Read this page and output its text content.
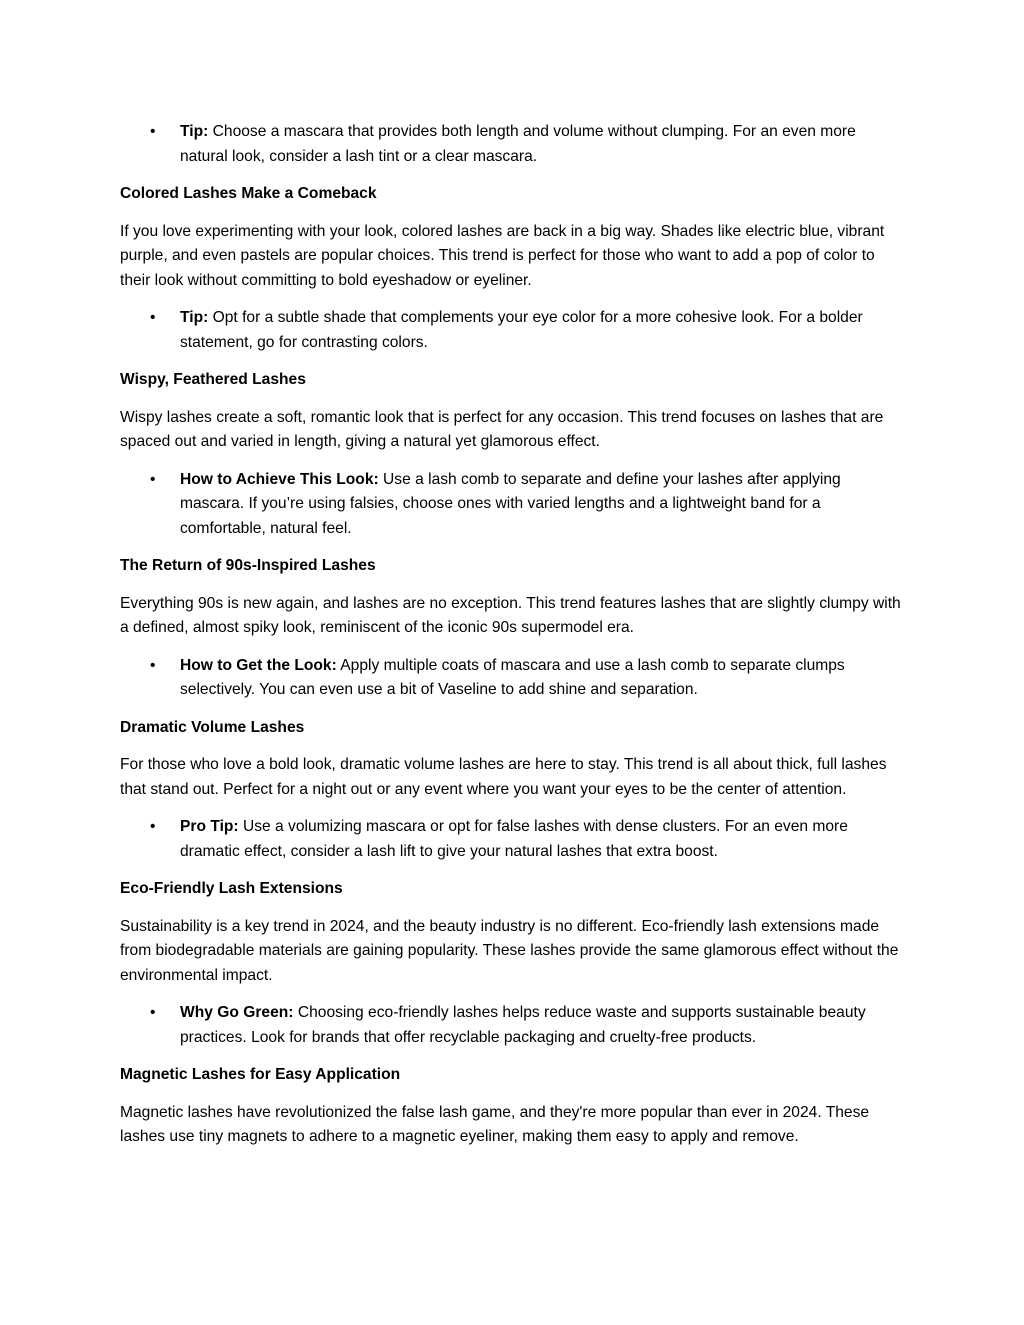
• Tip: Choose a mascara that provides both length and volume without clumping. For an even more natural look, consider a lash tint or a clear mascara.
Colored Lashes Make a Comeback
If you love experimenting with your look, colored lashes are back in a big way. Shades like electric blue, vibrant purple, and even pastels are popular choices. This trend is perfect for those who want to add a pop of color to their look without committing to bold eyeshadow or eyeliner.
• Tip: Opt for a subtle shade that complements your eye color for a more cohesive look. For a bolder statement, go for contrasting colors.
Wispy, Feathered Lashes
Wispy lashes create a soft, romantic look that is perfect for any occasion. This trend focuses on lashes that are spaced out and varied in length, giving a natural yet glamorous effect.
• How to Achieve This Look: Use a lash comb to separate and define your lashes after applying mascara. If you’re using falsies, choose ones with varied lengths and a lightweight band for a comfortable, natural feel.
The Return of 90s-Inspired Lashes
Everything 90s is new again, and lashes are no exception. This trend features lashes that are slightly clumpy with a defined, almost spiky look, reminiscent of the iconic 90s supermodel era.
• How to Get the Look: Apply multiple coats of mascara and use a lash comb to separate clumps selectively. You can even use a bit of Vaseline to add shine and separation.
Dramatic Volume Lashes
For those who love a bold look, dramatic volume lashes are here to stay. This trend is all about thick, full lashes that stand out. Perfect for a night out or any event where you want your eyes to be the center of attention.
• Pro Tip: Use a volumizing mascara or opt for false lashes with dense clusters. For an even more dramatic effect, consider a lash lift to give your natural lashes that extra boost.
Eco-Friendly Lash Extensions
Sustainability is a key trend in 2024, and the beauty industry is no different. Eco-friendly lash extensions made from biodegradable materials are gaining popularity. These lashes provide the same glamorous effect without the environmental impact.
• Why Go Green: Choosing eco-friendly lashes helps reduce waste and supports sustainable beauty practices. Look for brands that offer recyclable packaging and cruelty-free products.
Magnetic Lashes for Easy Application
Magnetic lashes have revolutionized the false lash game, and they're more popular than ever in 2024. These lashes use tiny magnets to adhere to a magnetic eyeliner, making them easy to apply and remove.
